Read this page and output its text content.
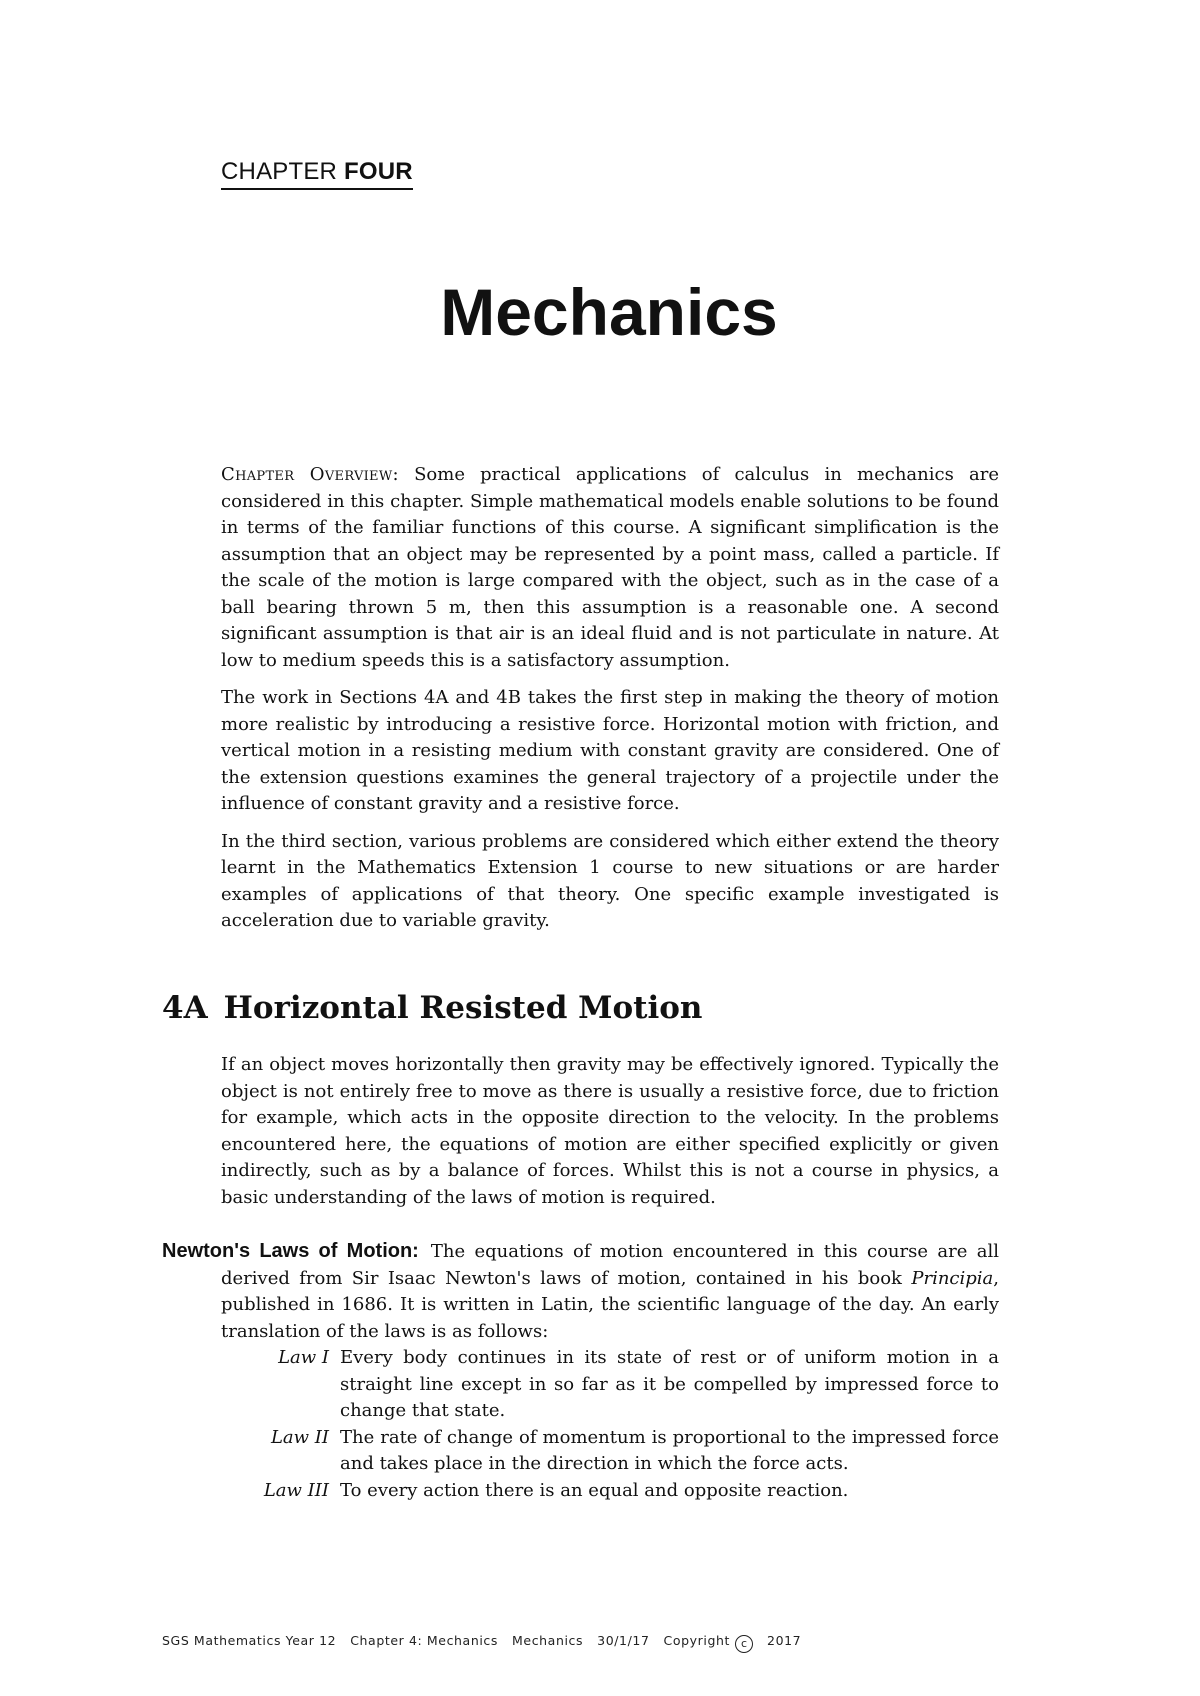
CHAPTER FOUR
Mechanics

Chapter Overview: Some practical applications of calculus in mechanics are considered in this chapter. Simple mathematical models enable solutions to be found in terms of the familiar functions of this course. A significant simplification is the assumption that an object may be represented by a point mass, called a particle. If the scale of the motion is large compared with the object, such as in the case of a ball bearing thrown 5 m, then this assumption is a reasonable one. A second significant assumption is that air is an ideal fluid and is not particulate in nature. At low to medium speeds this is a satisfactory assumption.

The work in Sections 4A and 4B takes the first step in making the theory of motion more realistic by introducing a resistive force. Horizontal motion with friction, and vertical motion in a resisting medium with constant gravity are considered. One of the extension questions examines the general trajectory of a projectile under the influence of constant gravity and a resistive force.

In the third section, various problems are considered which either extend the theory learnt in the Mathematics Extension 1 course to new situations or are harder examples of applications of that theory. One specific example investigated is acceleration due to variable gravity.

4A Horizontal Resisted Motion

If an object moves horizontally then gravity may be effectively ignored. Typically the object is not entirely free to move as there is usually a resistive force, due to friction for example, which acts in the opposite direction to the velocity. In the problems encountered here, the equations of motion are either specified explicitly or given indirectly, such as by a balance of forces. Whilst this is not a course in physics, a basic understanding of the laws of motion is required.

Newton's Laws of Motion: The equations of motion encountered in this course are all derived from Sir Isaac Newton's laws of motion, contained in his book Principia, published in 1686. It is written in Latin, the scientific language of the day. An early translation of the laws is as follows:
Law I Every body continues in its state of rest or of uniform motion in a straight line except in so far as it be compelled by impressed force to change that state.
Law II The rate of change of momentum is proportional to the impressed force and takes place in the direction in which the force acts.
Law III To every action there is an equal and opposite reaction.
SGS Mathematics Year 12 Chapter 4: Mechanics Mechanics 30/1/17 Copyright c 2017
